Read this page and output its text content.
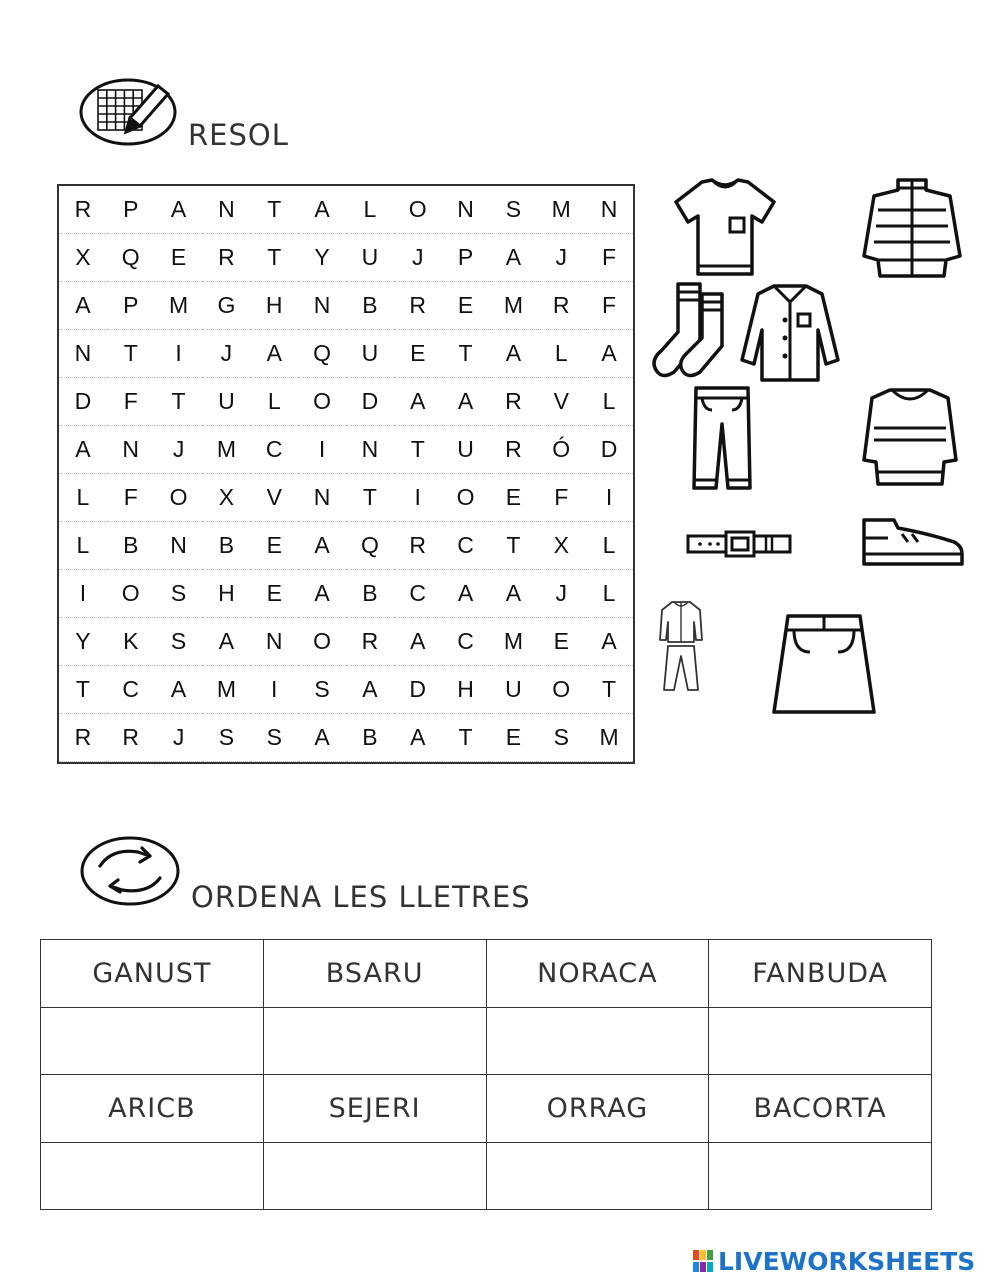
RESOL
R	P	A	N	T	A	L	O	N	S	M	N
X	Q	E	R	T	Y	U	J	P	A	J	F
A	P	M	G	H	N	B	R	E	M	R	F
N	T	I	J	A	Q	U	E	T	A	L	A
D	F	T	U	L	O	D	A	A	R	V	L
A	N	J	M	C	I	N	T	U	R	Ó	D
L	F	O	X	V	N	T	I	O	E	F	I
L	B	N	B	E	A	Q	R	C	T	X	L
I	O	S	H	E	A	B	C	A	A	J	L
Y	K	S	A	N	O	R	A	C	M	E	A
T	C	A	M	I	S	A	D	H	U	O	T
R	R	J	S	S	A	B	A	T	E	S	M
ORDENA LES LLETRES
GANUST	BSARU	NORACA	FANBUDA

ARICB	SEJERI	ORRAG	BACORTA

LIVEWORKSHEETS
